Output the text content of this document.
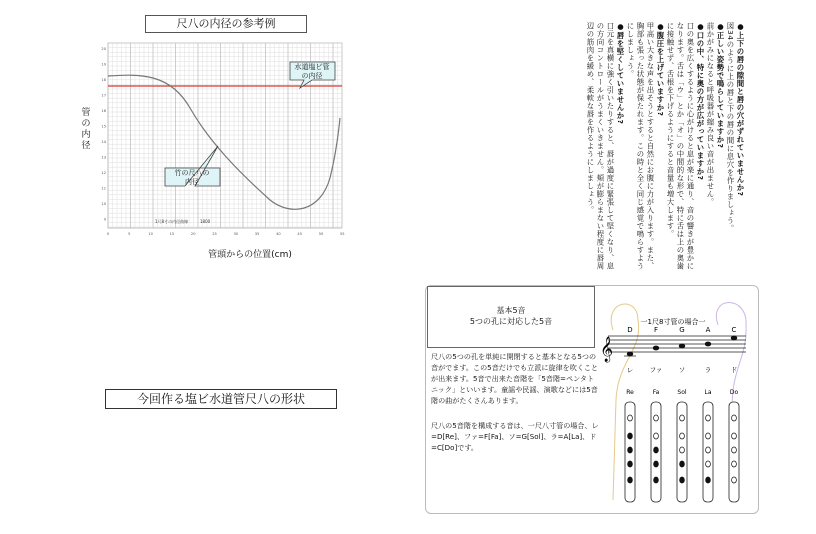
尺八の内径の参考例
1尺8寸の内径曲線	1800
水道塩ビ管
の内径
竹の尺八の
内径
20
19
18
17
16
15
14
13
12
11
10
9
0	5	10	15	20	25	30	35	40	45	50	55
管の内径
管頭からの位置(cm)
今回作る塩ビ水道管尺八の形状

●上下の唇の隙間と唇の穴がずれていませんか?

図34のように上の唇と下の唇の間に息穴を作りましょう。

●正しい姿勢で鳴らしていますか?

前かがみになると呼吸器が縮み良い音が出ません。

●口の中、特に奥の方が広がっていますか?

口の奥を広くするように心がけると息が楽に通り、音の響きが豊かになります。舌は「ウ」とか「オ」の中間的な形で、特に舌は上の奥歯に接触せず、舌根を下げるようにすると音量も増大します。

●腹圧を上げていますか?

甲高い大きな声を出そうとすると自然にお腹に力が入ります。また、胸部も張った状態が保たれます。この時と全く同じ感覚で鳴らすようにしましょう。

●唇を堅くしていませんか?

口元を真横に強く引いたりすると、唇が過度に緊張して堅くなり、息の方向コントロールがうまくいきません。頬が膨らまない程度に唇周辺の筋肉を緩め、柔軟な唇を作るようにしましょう。

基本5音
5つの孔に対応した5音
尺八の5つの孔を単純に開閉すると基本となる5つの音がでます。この5音だけでも立派に旋律を吹くことが出来ます。5音で出来た音階を「5音階=ペンタトニック」といいます。童謡や民謡、演歌などには5音階の曲がたくさんあります。
尺八の5音階を構成する音は、一尺八寸管の場合、レ=D[Re]、ファ=F[Fa]、ソ=G[Sol]、ラ=A[La]、ド=C[Do]です。
一1尺8寸管の場合一
𝄞
D
レ
Re
F
ファ
Fa
G
ソ
Sol
A
ラ
La
C
ド
Do
